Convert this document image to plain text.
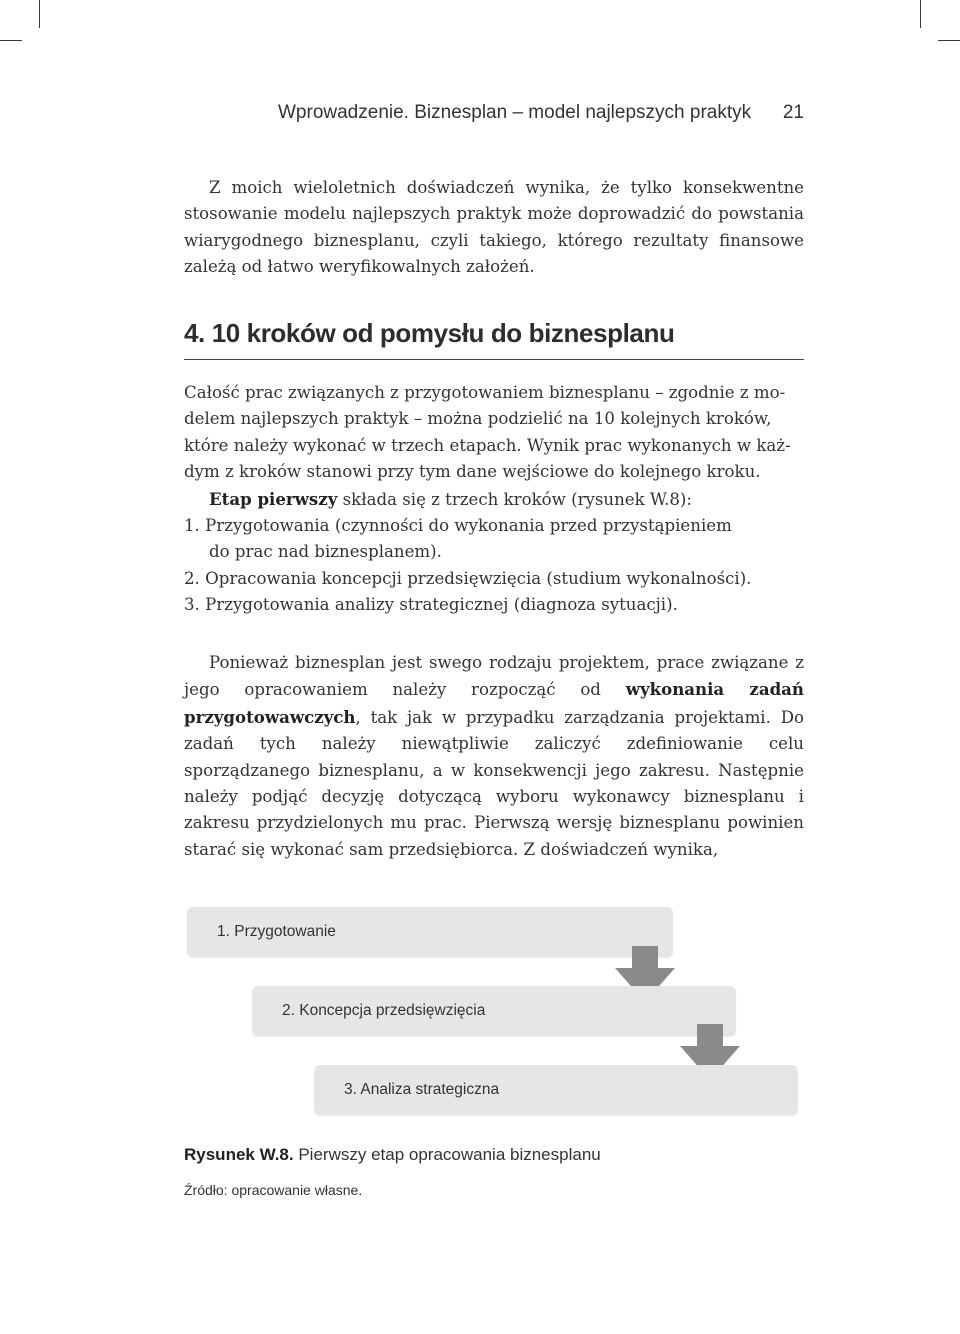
Wprowadzenie. Biznesplan – model najlepszych praktyk 21

Z moich wieloletnich doświadczeń wynika, że tylko konsekwentne stosowanie modelu najlepszych praktyk może doprowadzić do powstania wiarygodnego biznesplanu, czyli takiego, którego rezultaty finansowe zależą od łatwo weryfikowalnych założeń.

4. 10 kroków od pomysłu do biznesplanu
Całość prac związanych z przygotowaniem biznesplanu – zgodnie z mo-
delem najlepszych praktyk – można podzielić na 10 kolejnych kroków,
które należy wykonać w trzech etapach. Wynik prac wykonanych w każ-
dym z kroków stanowi przy tym dane wejściowe do kolejnego kroku.
Etap pierwszy składa się z trzech kroków (rysunek W.8):
1. Przygotowania (czynności do wykonania przed przystąpieniem
do prac nad biznesplanem).
2. Opracowania koncepcji przedsięwzięcia (studium wykonalności).
3. Przygotowania analizy strategicznej (diagnoza sytuacji).

Ponieważ biznesplan jest swego rodzaju projektem, prace związane z jego opracowaniem należy rozpocząć od wykonania zadań przygotowawczych, tak jak w przypadku zarządzania projektami. Do zadań tych należy niewątpliwie zaliczyć zdefiniowanie celu sporządzanego biznesplanu, a w konsekwencji jego zakresu. Następnie należy podjąć decyzję dotyczącą wyboru wykonawcy biznesplanu i zakresu przydzielonych mu prac. Pierwszą wersję biznesplanu powinien starać się wykonać sam przedsiębiorca. Z doświadczeń wynika,

1. Przygotowanie
2. Koncepcja przedsięwzięcia
3. Analiza strategiczna
Rysunek W.8. Pierwszy etap opracowania biznesplanu
Źródło: opracowanie własne.
